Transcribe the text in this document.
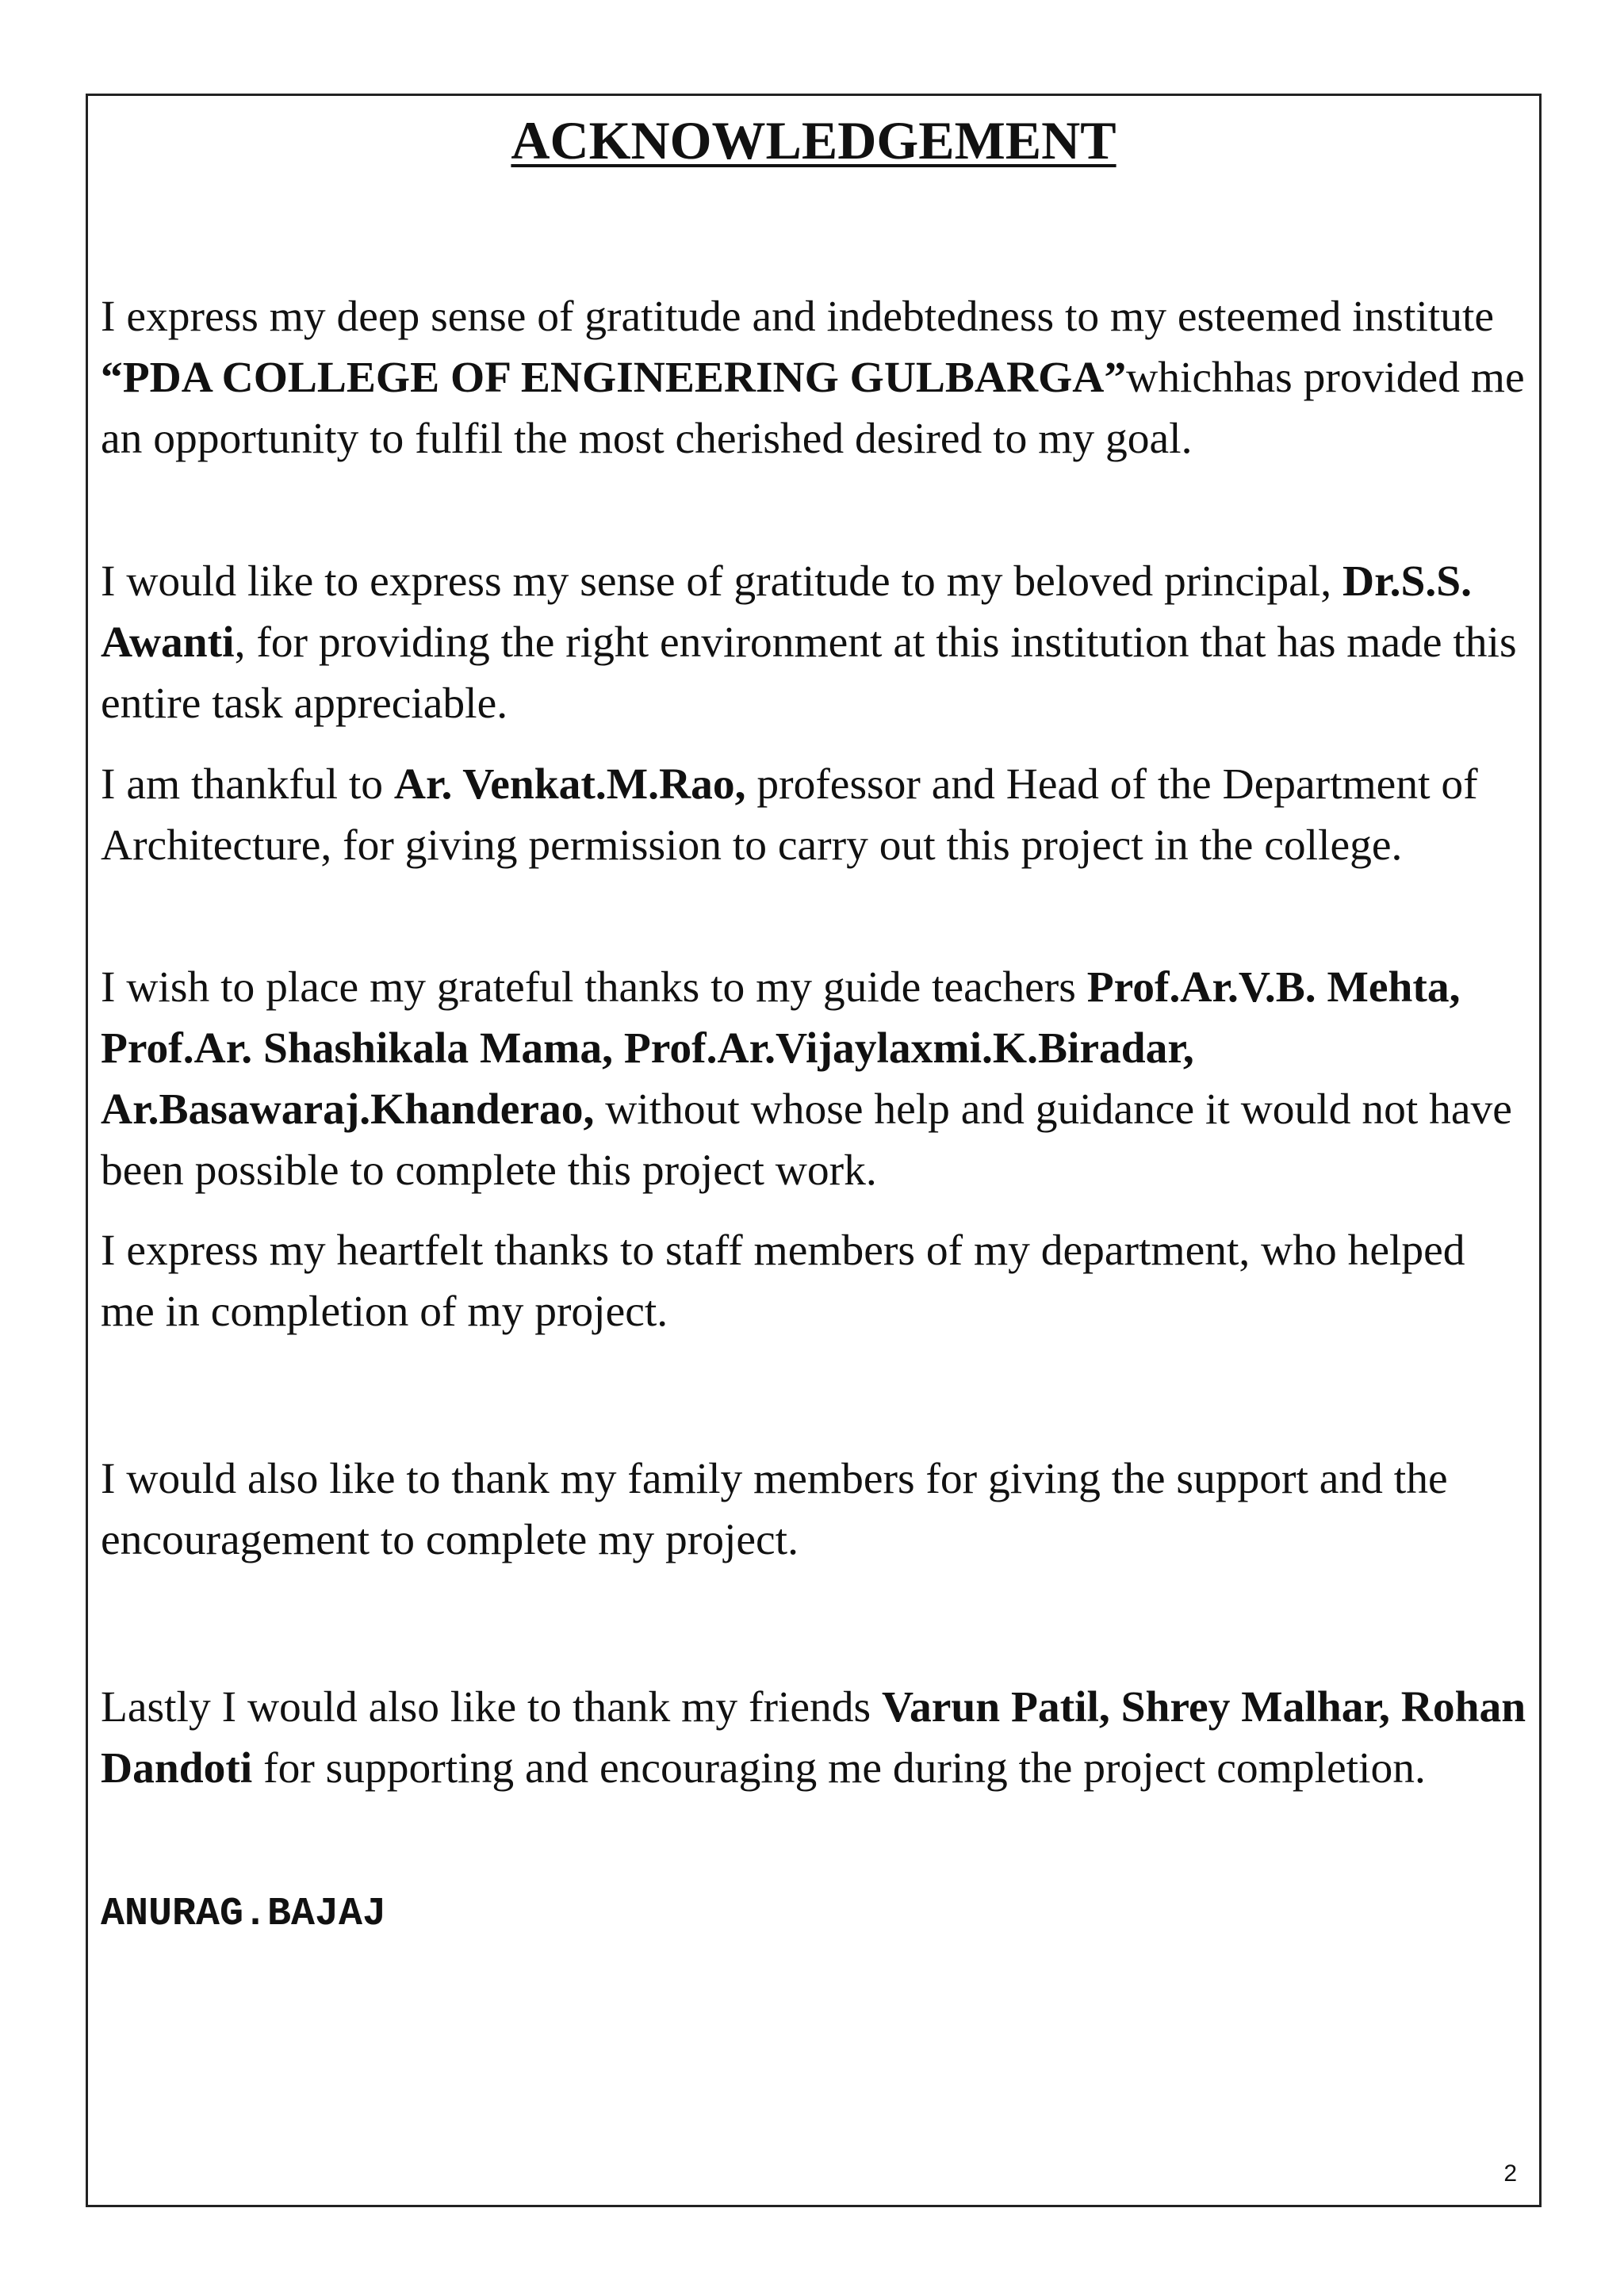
ACKNOWLEDGEMENT

I express my deep sense of gratitude and indebtedness to my esteemed institute “PDA COLLEGE OF ENGINEERING GULBARGA”whichhas provided me an opportunity to fulfil the most cherished desired to my goal.

I would like to express my sense of gratitude to my beloved principal, Dr.S.S. Awanti, for providing the right environment at this institution that has made this entire task appreciable.

I am thankful to Ar. Venkat.M.Rao, professor and Head of the Department of Architecture, for giving permission to carry out this project in the college.

I wish to place my grateful thanks to my guide teachers Prof.Ar.V.B. Mehta, Prof.Ar. Shashikala Mama, Prof.Ar.Vijaylaxmi.K.Biradar, Ar.Basawaraj.Khanderao, without whose help and guidance it would not have been possible to complete this project work.

I express my heartfelt thanks to staff members of my department, who helped me in completion of my project.

I would also like to thank my family members for giving the support and the encouragement to complete my project.

Lastly I would also like to thank my friends Varun Patil, Shrey Malhar, Rohan Dandoti for supporting and encouraging me during the project completion.

ANURAG.BAJAJ

2
